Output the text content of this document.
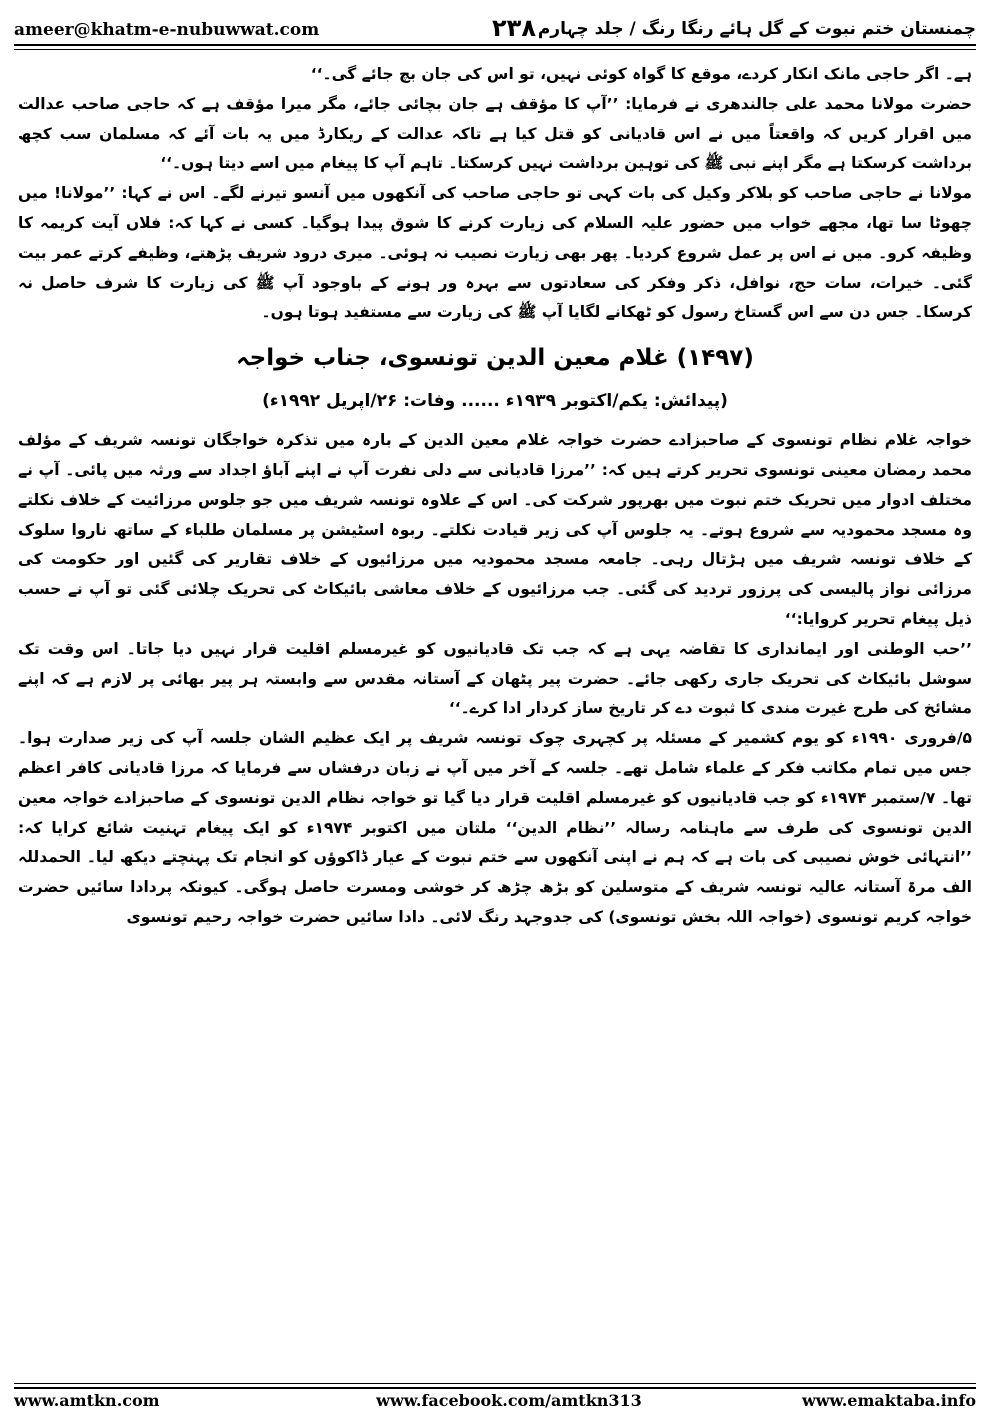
ameer@khatm-e-nubuwwat.com	۲۳۸ چمنستان ختم نبوت کے گل ہائے رنگا رنگ / جلد چہارم

ہے۔ اگر حاجی مانک انکار کردے، موقع کا گواہ کوئی نہیں، تو اس کی جان بچ جائے گی۔‘‘

حضرت مولانا محمد علی جالندھری نے فرمایا: ’’آپ کا مؤقف ہے جان بچائی جائے، مگر میرا مؤقف ہے کہ حاجی صاحب عدالت میں اقرار کریں کہ واقعتاً میں نے اس قادیانی کو قتل کیا ہے تاکہ عدالت کے ریکارڈ میں یہ بات آئے کہ مسلمان سب کچھ برداشت کرسکتا ہے مگر اپنے نبی ﷺ کی توہین برداشت نہیں کرسکتا۔ تاہم آپ کا پیغام میں اسے دیتا ہوں۔‘‘

مولانا نے حاجی صاحب کو بلاکر وکیل کی بات کہی تو حاجی صاحب کی آنکھوں میں آنسو تیرنے لگے۔ اس نے کہا: ’’مولانا! میں چھوٹا سا تھا، مجھے خواب میں حضور علیہ السلام کی زیارت کرنے کا شوق پیدا ہوگیا۔ کسی نے کہا کہ: فلاں آیت کریمہ کا وظیفہ کرو۔ میں نے اس پر عمل شروع کردیا۔ پھر بھی زیارت نصیب نہ ہوئی۔ میری درود شریف پڑھتے، وظیفے کرتے عمر بیت گئی۔ خیرات، سات حج، نوافل، ذکر وفکر کی سعادتوں سے بہرہ ور ہونے کے باوجود آپ ﷺ کی زیارت کا شرف حاصل نہ کرسکا۔ جس دن سے اس گستاخ رسول کو ٹھکانے لگایا آپ ﷺ کی زیارت سے مستفید ہوتا ہوں۔

(۱۴۹۷) غلام معین الدین تونسوی، جناب خواجہ

(پیدائش: یکم/اکتوبر ۱۹۳۹ء ...... وفات: ۲۶/اپریل ۱۹۹۲ء)

خواجہ غلام نظام تونسوی کے صاحبزادے حضرت خواجہ غلام معین الدین کے بارہ میں تذکرہ خواجگان تونسہ شریف کے مؤلف محمد رمضان معینی تونسوی تحریر کرتے ہیں کہ: ’’مرزا قادیانی سے دلی نفرت آپ نے اپنے آباؤ اجداد سے ورثہ میں پائی۔ آپ نے مختلف ادوار میں تحریک ختم نبوت میں بھرپور شرکت کی۔ اس کے علاوہ تونسہ شریف میں جو جلوس مرزائیت کے خلاف نکلتے وہ مسجد محمودیہ سے شروع ہوتے۔ یہ جلوس آپ کی زیر قیادت نکلتے۔ ربوہ اسٹیشن پر مسلمان طلباء کے ساتھ ناروا سلوک کے خلاف تونسہ شریف میں ہڑتال رہی۔ جامعہ مسجد محمودیہ میں مرزائیوں کے خلاف تقاریر کی گئیں اور حکومت کی مرزائی نواز پالیسی کی پرزور تردید کی گئی۔ جب مرزائیوں کے خلاف معاشی بائیکاٹ کی تحریک چلائی گئی تو آپ نے حسب ذیل پیغام تحریر کروایا:‘‘

’’حب الوطنی اور ایمانداری کا تقاضہ یہی ہے کہ جب تک قادیانیوں کو غیرمسلم اقلیت قرار نہیں دیا جاتا۔ اس وقت تک سوشل بائیکاٹ کی تحریک جاری رکھی جائے۔ حضرت پیر پٹھان کے آستانہ مقدس سے وابستہ ہر پیر بھائی پر لازم ہے کہ اپنے مشائخ کی طرح غیرت مندی کا ثبوت دے کر تاریخ ساز کردار ادا کرے۔‘‘

۵/فروری ۱۹۹۰ء کو یوم کشمیر کے مسئلہ پر کچہری چوک تونسہ شریف پر ایک عظیم الشان جلسہ آپ کی زیر صدارت ہوا۔ جس میں تمام مکاتب فکر کے علماء شامل تھے۔ جلسہ کے آخر میں آپ نے زبان درفشاں سے فرمایا کہ مرزا قادیانی کافر اعظم تھا۔ ۷/ستمبر ۱۹۷۴ء کو جب قادیانیوں کو غیرمسلم اقلیت قرار دیا گیا تو خواجہ نظام الدین تونسوی کے صاحبزادے خواجہ معین الدین تونسوی کی طرف سے ماہنامہ رسالہ ’’نظام الدین‘‘ ملتان میں اکتوبر ۱۹۷۴ء کو ایک پیغام تہنیت شائع کرایا کہ: ’’انتہائی خوش نصیبی کی بات ہے کہ ہم نے اپنی آنکھوں سے ختم نبوت کے عیار ڈاکوؤں کو انجام تک پہنچتے دیکھ لیا۔ الحمدللہ الف مرۃ آستانہ عالیہ تونسہ شریف کے متوسلین کو بڑھ چڑھ کر خوشی ومسرت حاصل ہوگی۔ کیونکہ پردادا سائیں حضرت خواجہ کریم تونسوی (خواجہ اللہ بخش تونسوی) کی جدوجہد رنگ لائی۔ دادا سائیں حضرت خواجہ رحیم تونسوی

www.amtkn.com	www.facebook.com/amtkn313	www.emaktaba.info
